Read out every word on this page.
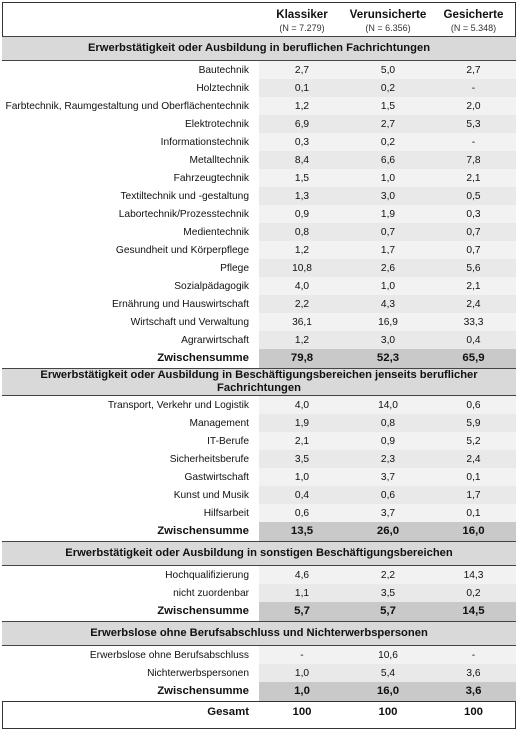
	Klassiker	Verunsicherte	Gesicherte
	(N = 7.279)	(N = 6.356)	(N = 5.348)
Erwerbstätigkeit oder Ausbildung in beruflichen Fachrichtungen			
Bautechnik	2,7	5,0	2,7
Holztechnik	0,1	0,2	-
Farbtechnik, Raumgestaltung und Oberflächentechnik	1,2	1,5	2,0
Elektrotechnik	6,9	2,7	5,3
Informationstechnik	0,3	0,2	-
Metalltechnik	8,4	6,6	7,8
Fahrzeugtechnik	1,5	1,0	2,1
Textiltechnik und -gestaltung	1,3	3,0	0,5
Labortechnik/Prozesstechnik	0,9	1,9	0,3
Medientechnik	0,8	0,7	0,7
Gesundheit und Körperpflege	1,2	1,7	0,7
Pflege	10,8	2,6	5,6
Sozialpädagogik	4,0	1,0	2,1
Ernährung und Hauswirtschaft	2,2	4,3	2,4
Wirtschaft und Verwaltung	36,1	16,9	33,3
Agrarwirtschaft	1,2	3,0	0,4
Zwischensumme	79,8	52,3	65,9
Erwerbstätigkeit oder Ausbildung in Beschäftigungsbereichen jenseits beruflicher Fachrichtungen			
Transport, Verkehr und Logistik	4,0	14,0	0,6
Management	1,9	0,8	5,9
IT-Berufe	2,1	0,9	5,2
Sicherheitsberufe	3,5	2,3	2,4
Gastwirtschaft	1,0	3,7	0,1
Kunst und Musik	0,4	0,6	1,7
Hilfsarbeit	0,6	3,7	0,1
Zwischensumme	13,5	26,0	16,0
Erwerbstätigkeit oder Ausbildung in sonstigen Beschäftigungsbereichen			
Hochqualifizierung	4,6	2,2	14,3
nicht zuordenbar	1,1	3,5	0,2
Zwischensumme	5,7	5,7	14,5
Erwerbslose ohne Berufsabschluss und Nichterwerbspersonen			
Erwerbslose ohne Berufsabschluss	-	10,6	-
Nichterwerbspersonen	1,0	5,4	3,6
Zwischensumme	1,0	16,0	3,6
Gesamt	100	100	100
